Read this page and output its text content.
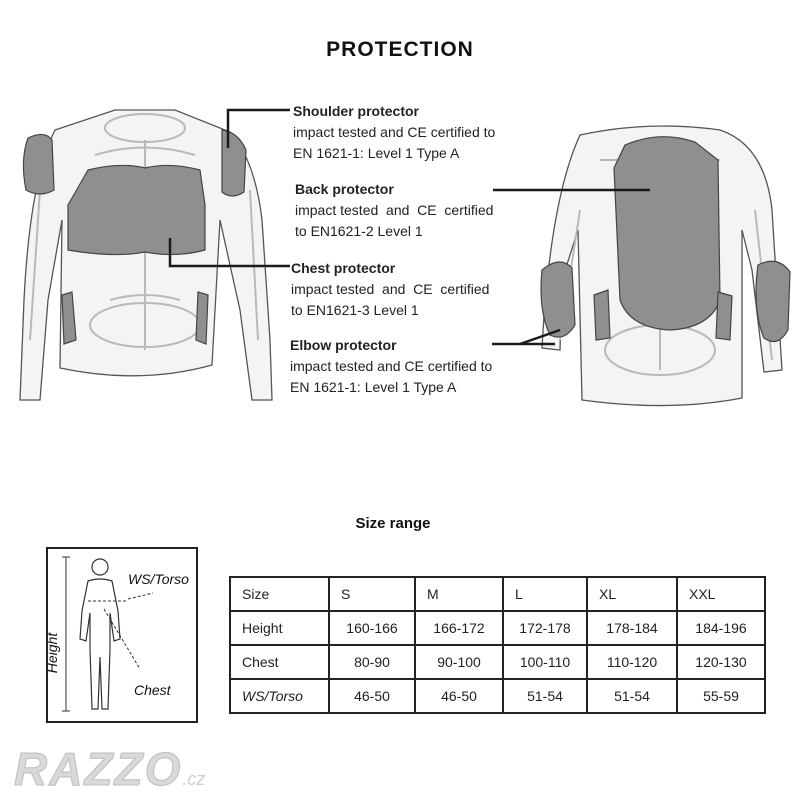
PROTECTION
Shoulder protector
impact tested and CE certified to
EN 1621-1: Level 1 Type A
Back protector
impact tested  and  CE  certified
to EN1621-2 Level 1
Chest protector
impact tested  and  CE  certified
to EN1621-3 Level 1
Elbow protector
impact tested and CE certified to
EN 1621-1: Level 1 Type A
Size range
WS/Torso
Height
Chest
Size	S	M	L	XL	XXL
Height	160-166	166-172	172-178	178-184	184-196
Chest	80-90	90-100	100-110	110-120	120-130
WS/Torso	46-50	46-50	51-54	51-54	55-59
RAZZO.cz
